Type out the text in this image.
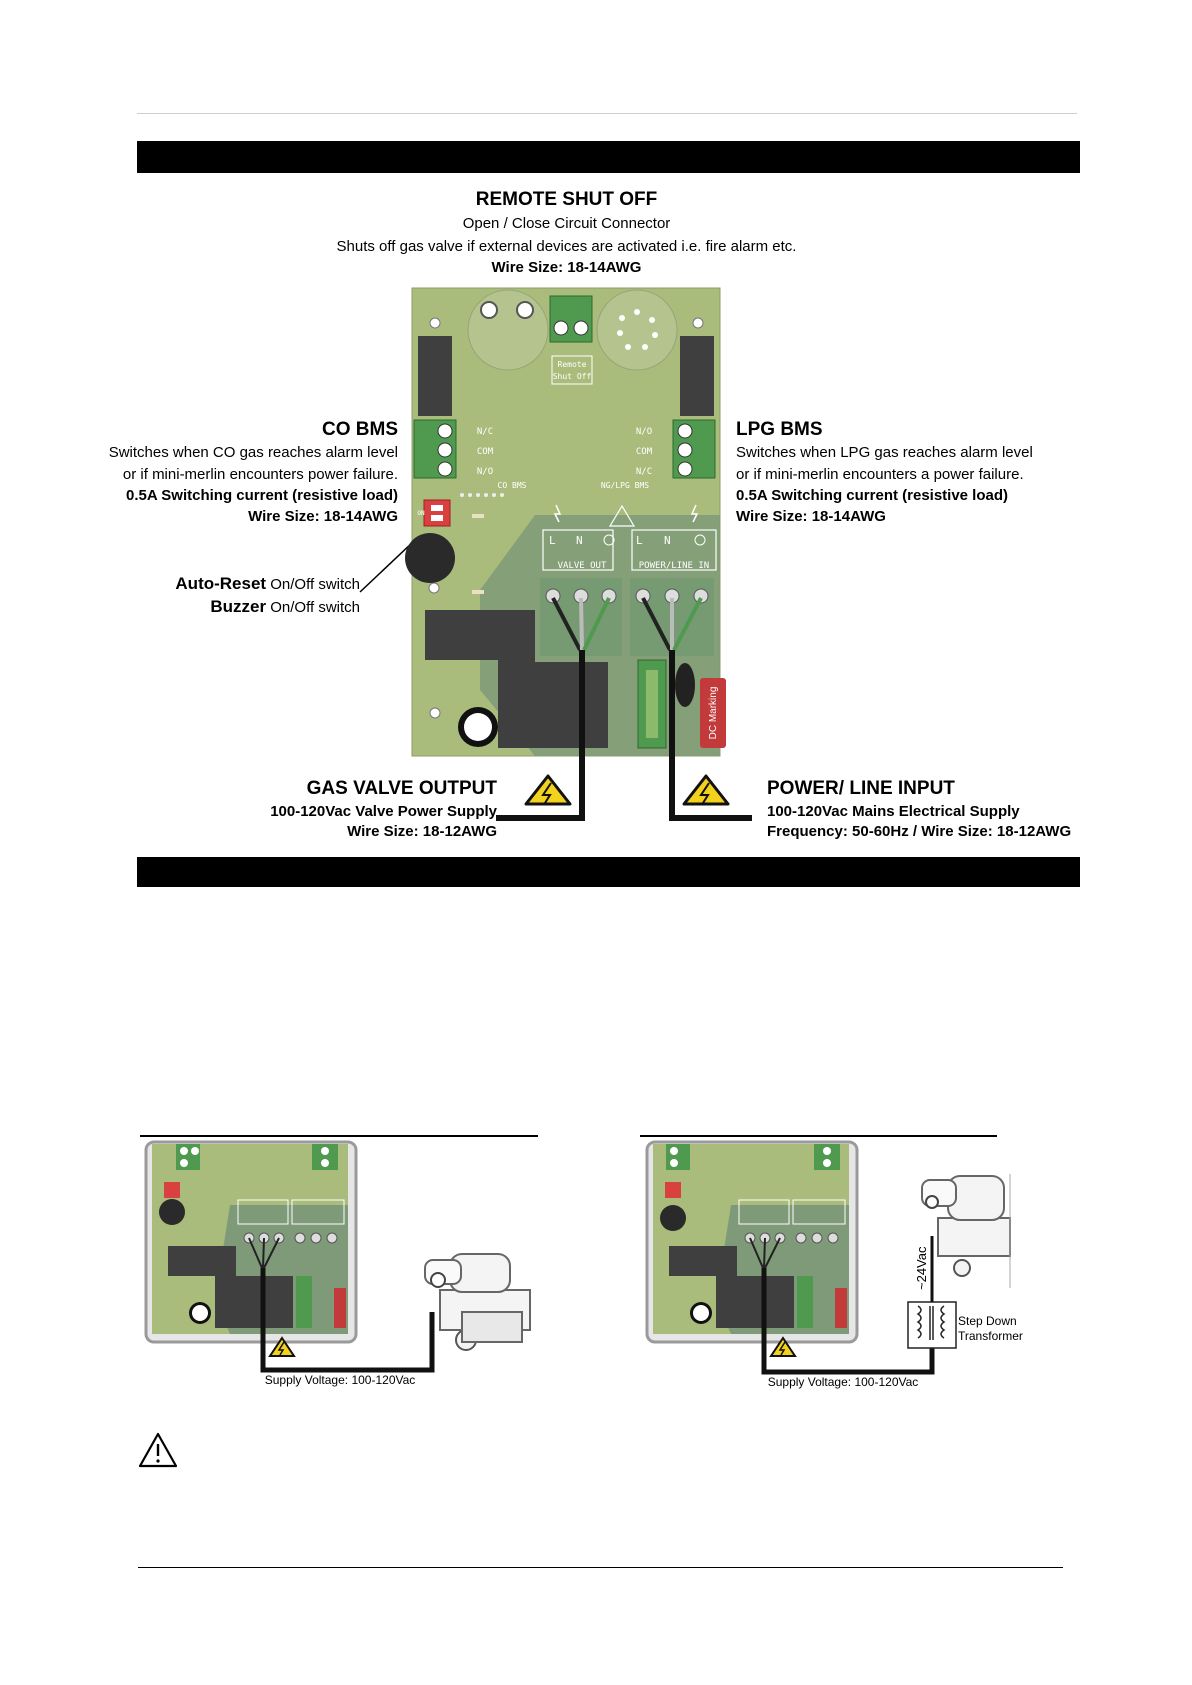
REMOTE SHUT OFF
Open / Close Circuit Connector
Shuts off gas valve if external devices are activated i.e. fire alarm etc.
Wire Size: 18-14AWG
CO BMS
Switches when CO gas reaches alarm level
or if mini-merlin encounters power failure.
0.5A Switching current (resistive load)
Wire Size: 18-14AWG
LPG BMS
Switches when LPG gas reaches alarm level
or if mini-merlin encounters a power failure.
0.5A Switching current (resistive load)
Wire Size: 18-14AWG
Auto-Reset On/Off switch
Buzzer On/Off switch
GAS VALVE OUTPUT
100-120Vac Valve Power Supply
Wire Size: 18-12AWG
POWER/ LINE INPUT
100-120Vac Mains Electrical Supply
Frequency: 50-60Hz / Wire Size: 18-12AWG
Remote
Shut Off
N/C
COM
N/O
CO BMS
N/O
COM
N/C
NG/LPG BMS
ON
DC Marking
L N	L N
VALVE OUT	POWER/LINE IN
Supply Voltage: 100-120Vac
~24Vac
Step Down
Transformer
Supply Voltage: 100-120Vac
